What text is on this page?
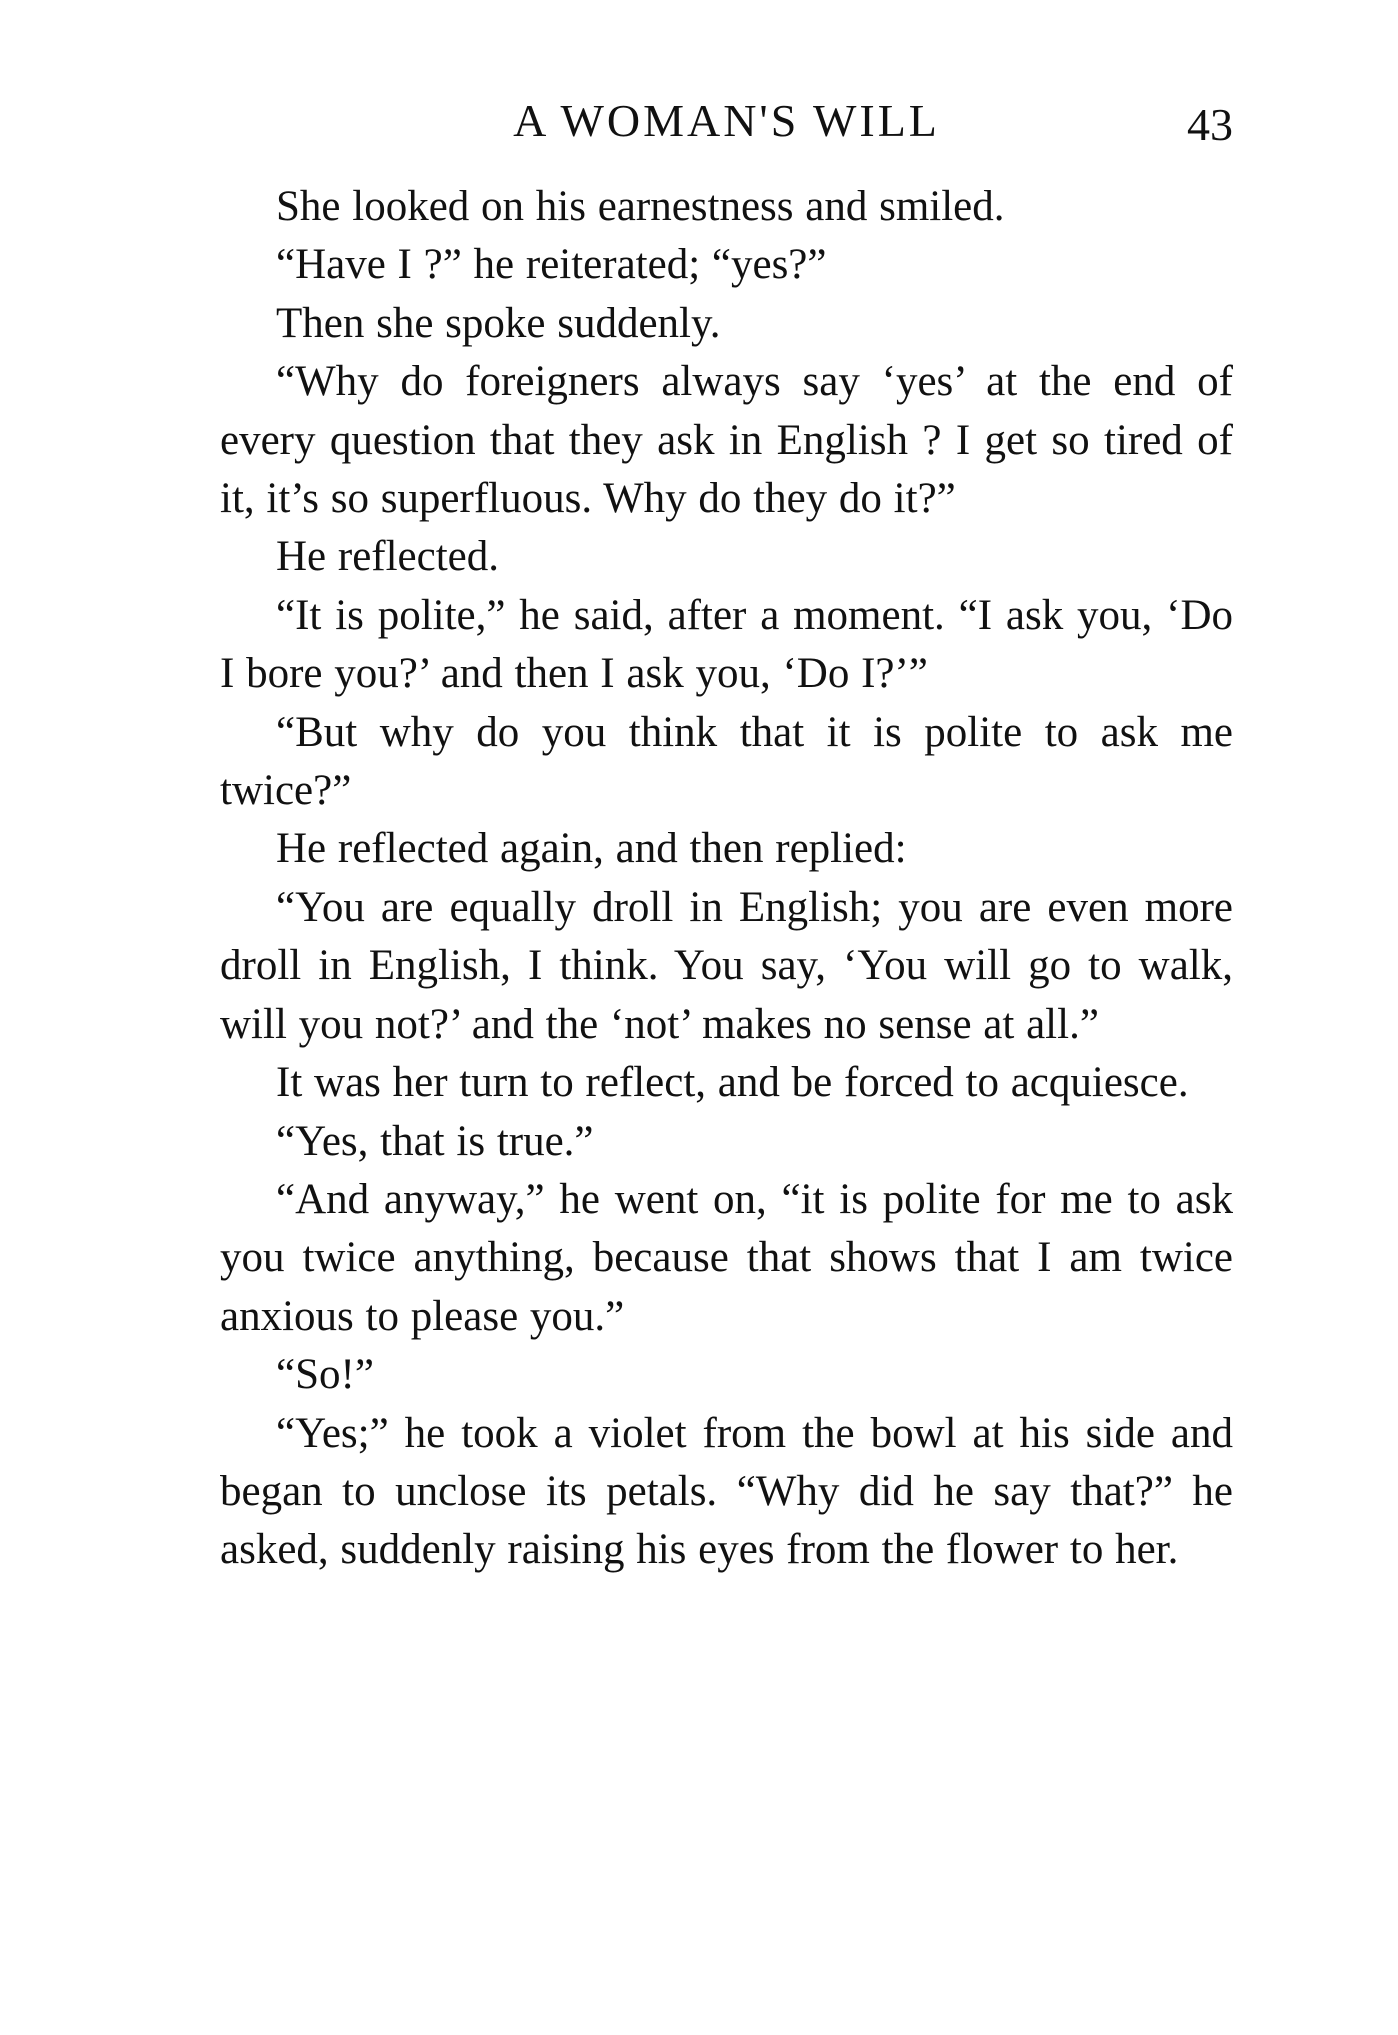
A WOMAN'S WILL	43

She looked on his earnestness and smiled.

“Have I ?” he reiterated; “yes?”

Then she spoke suddenly.

“Why do foreigners always say ‘yes’ at the end of every question that they ask in English ? I get so tired of it, it’s so superfluous. Why do they do it?”

He reflected.

“It is polite,” he said, after a moment. “I ask you, ‘Do I bore you?’ and then I ask you, ‘Do I?’”

“But why do you think that it is polite to ask me twice?”

He reflected again, and then replied:

“You are equally droll in English; you are even more droll in English, I think. You say, ‘You will go to walk, will you not?’ and the ‘not’ makes no sense at all.”

It was her turn to reflect, and be forced to acquiesce.

“Yes, that is true.”

“And anyway,” he went on, “it is polite for me to ask you twice anything, because that shows that I am twice anxious to please you.”

“So!”

“Yes;” he took a violet from the bowl at his side and began to unclose its petals. “Why did he say that?” he asked, suddenly raising his eyes from the flower to her.
